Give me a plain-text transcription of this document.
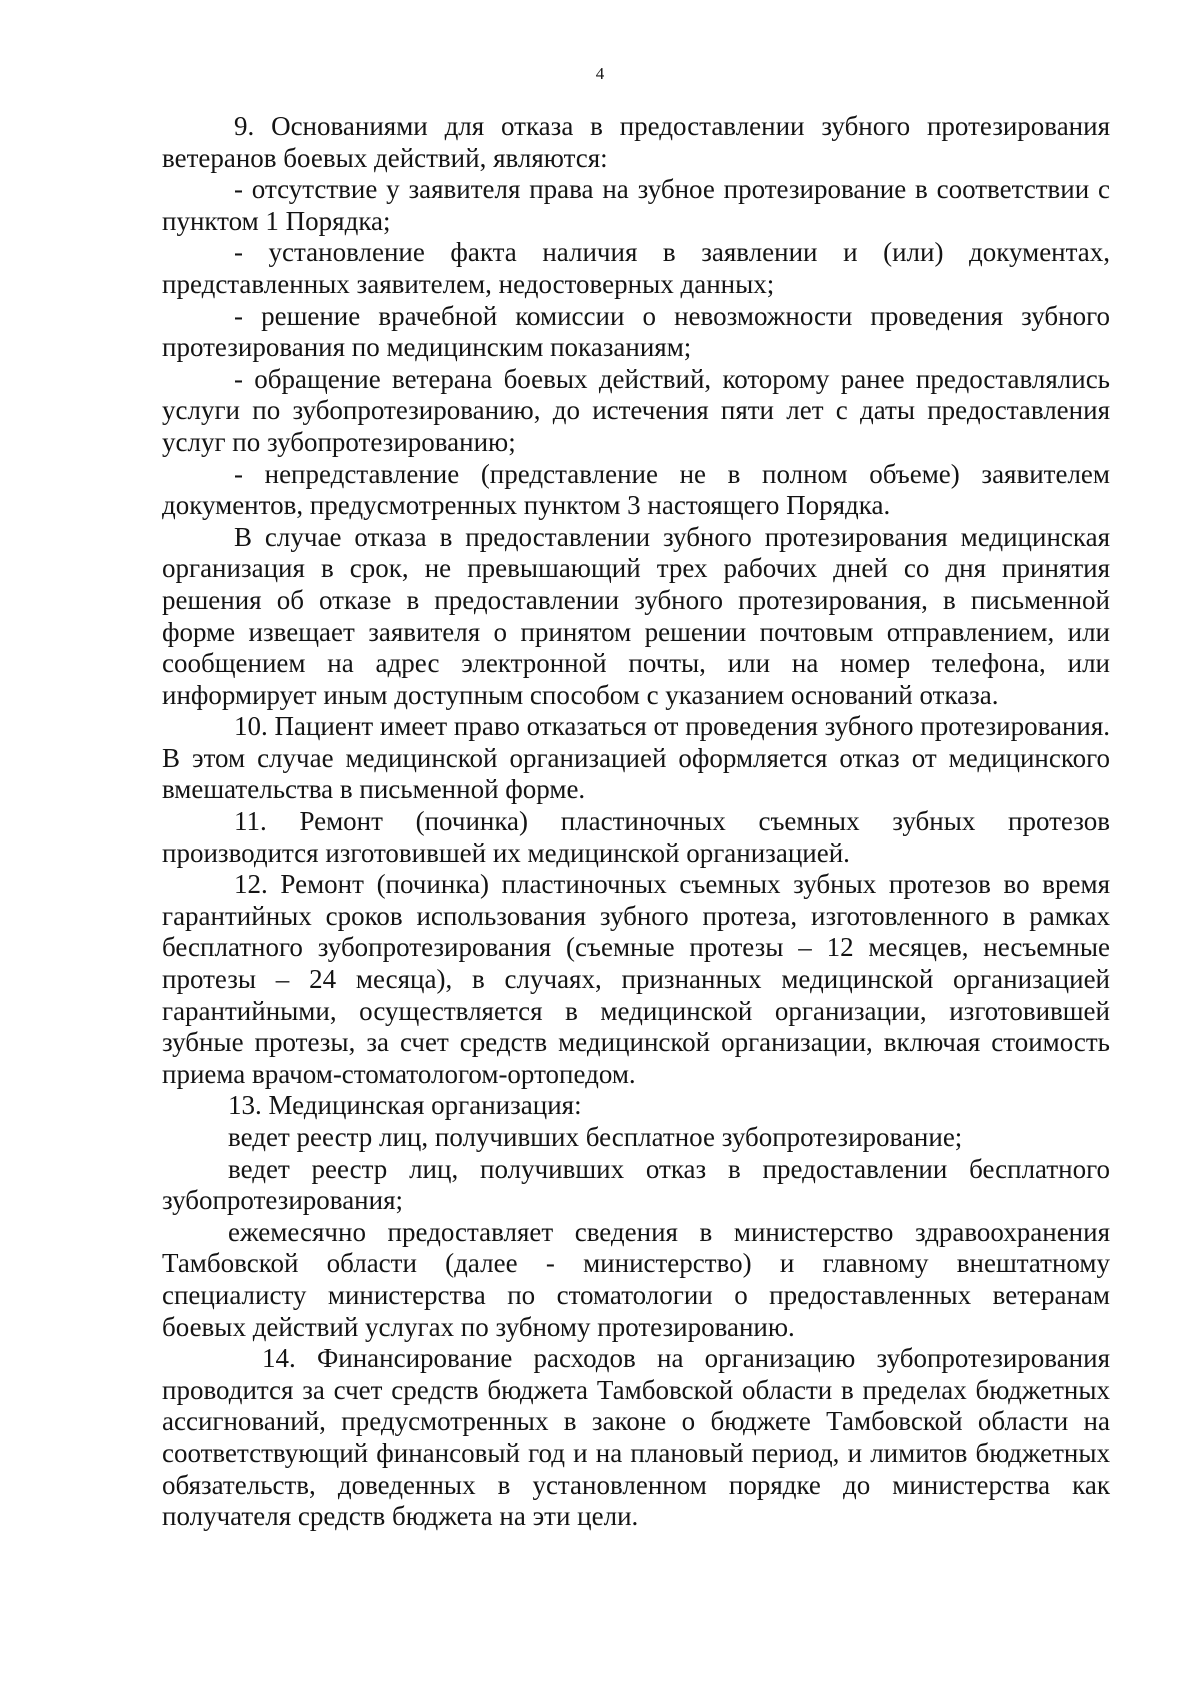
4

9. Основаниями для отказа в предоставлении зубного протезирования ветеранов боевых действий, являются:

- отсутствие у заявителя права на зубное протезирование в соответствии с пунктом 1 Порядка;

- установление факта наличия в заявлении и (или) документах, представленных заявителем, недостоверных данных;

- решение врачебной комиссии о невозможности проведения зубного протезирования по медицинским показаниям;

- обращение ветерана боевых действий, которому ранее предоставлялись услуги по зубопротезированию, до истечения пяти лет с даты предоставления услуг по зубопротезированию;

- непредставление (представление не в полном объеме) заявителем документов, предусмотренных пунктом 3 настоящего Порядка.

В случае отказа в предоставлении зубного протезирования медицинская организация в срок, не превышающий трех рабочих дней со дня принятия решения об отказе в предоставлении зубного протезирования, в письменной форме извещает заявителя о принятом решении почтовым отправлением, или сообщением на адрес электронной почты, или на номер телефона, или информирует иным доступным способом с указанием оснований отказа.

10. Пациент имеет право отказаться от проведения зубного протезирования. В этом случае медицинской организацией оформляется отказ от медицинского вмешательства в письменной форме.

11. Ремонт (починка) пластиночных съемных зубных протезов производится изготовившей их медицинской организацией.

12. Ремонт (починка) пластиночных съемных зубных протезов во время гарантийных сроков использования зубного протеза, изготовленного в рамках бесплатного зубопротезирования (съемные протезы – 12 месяцев, несъемные протезы – 24 месяца), в случаях, признанных медицинской организацией гарантийными, осуществляется в медицинской организации, изготовившей зубные протезы, за счет средств медицинской организации, включая стоимость приема врачом-стоматологом-ортопедом.

13. Медицинская организация:

ведет реестр лиц, получивших бесплатное зубопротезирование;

ведет реестр лиц, получивших отказ в предоставлении бесплатного зубопротезирования;

ежемесячно предоставляет сведения в министерство здравоохранения Тамбовской области (далее - министерство) и главному внештатному специалисту министерства по стоматологии о предоставленных ветеранам боевых действий услугах по зубному протезированию.

14. Финансирование расходов на организацию зубопротезирования проводится за счет средств бюджета Тамбовской области в пределах бюджетных ассигнований, предусмотренных в законе о бюджете Тамбовской области на соответствующий финансовый год и на плановый период, и лимитов бюджетных обязательств, доведенных в установленном порядке до министерства как получателя средств бюджета на эти цели.
